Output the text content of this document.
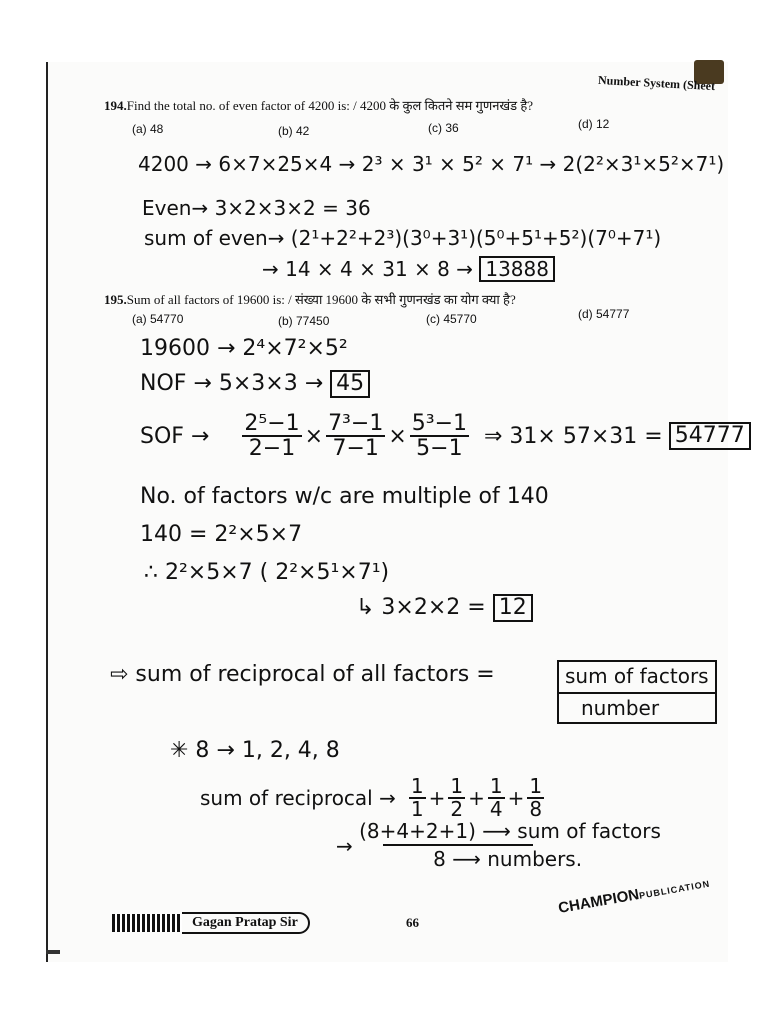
Number System (Sheet
194.Find the total no. of even factor of 4200 is: / 4200 के कुल कितने सम गुणनखंड है?
(a) 48	(b) 42	(c) 36	(d) 12
4200 → 6×7×25×4 → 2³ × 3¹ × 5² × 7¹ → 2(2²×3¹×5²×7¹)
Even→ 3×2×3×2 = 36
sum of even→ (2¹+2²+2³)(3⁰+3¹)(5⁰+5¹+5²)(7⁰+7¹)
→ 14 × 4 × 31 × 8 → 13888
195.Sum of all factors of 19600 is: / संख्या 19600 के सभी गुणनखंड का योग क्या है?
(a) 54770	(b) 77450	(c) 45770	(d) 54777
19600 → 2⁴×7²×5²
NOF → 5×3×3 → 45
SOF → $\frac{\text{2⁵−1}}{2-1} \times \frac{\text{7³−1}}{7-1} \times \frac{\text{5³−1}}{5-1}$ ⇒ 31× 57×31 = 54777
No. of factors w/c are multiple of 140
140 = 2²×5×7
∴ 2²×5×7 ( 2²×5¹×7¹)
↳ 3×2×2 = 12
⇨ sum of reciprocal of all factors =	sum of factors
number
✳ 8 → 1, 2, 4, 8
sum of reciprocal → $\frac{1}{1} + \frac{1}{2} + \frac{1}{4} + \frac{1}{8}$
→
(8+4+2+1) ⟶ sum of factors
8 ⟶ numbers.
Gagan Pratap Sir	66
CHAMPIONPUBLICATION
